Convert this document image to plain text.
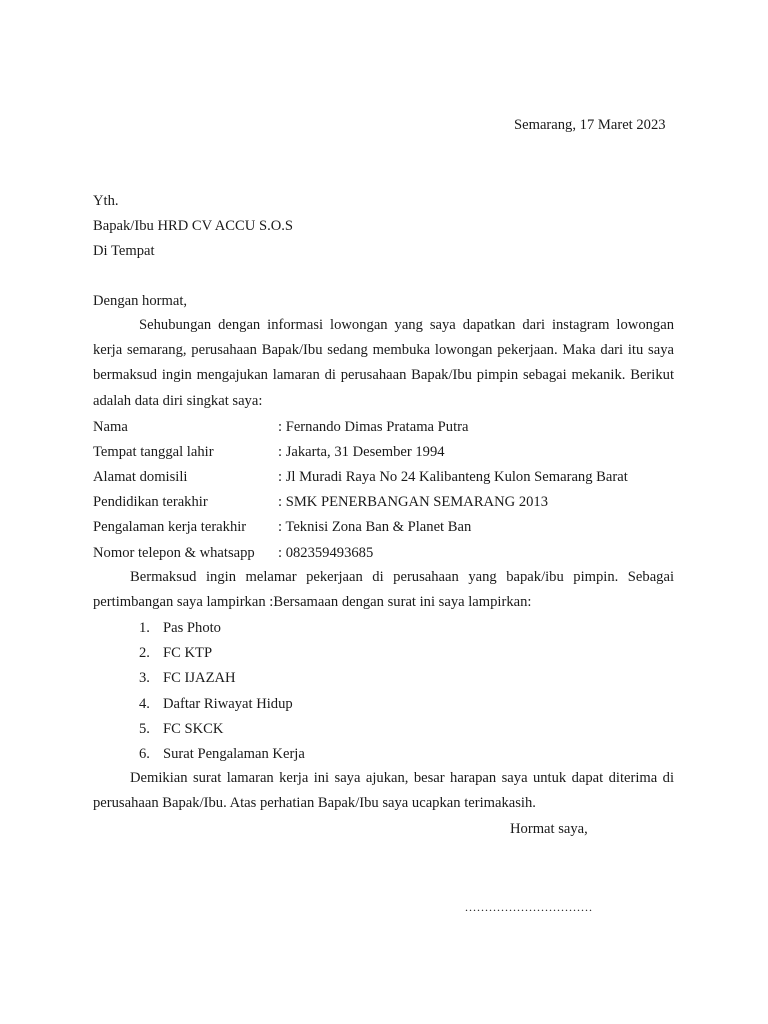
Semarang, 17 Maret 2023
Yth.
Bapak/Ibu HRD CV ACCU S.O.S
Di Tempat
Dengan hormat,
Sehubungan dengan informasi lowongan yang saya dapatkan dari instagram lowongan kerja semarang, perusahaan Bapak/Ibu sedang membuka lowongan pekerjaan. Maka dari itu saya bermaksud ingin mengajukan lamaran di perusahaan Bapak/Ibu pimpin sebagai mekanik. Berikut adalah data diri singkat saya:
Nama	: Fernando Dimas Pratama Putra
Tempat tanggal lahir	: Jakarta, 31 Desember 1994
Alamat domisili	: Jl Muradi Raya No 24 Kalibanteng Kulon Semarang Barat
Pendidikan terakhir	: SMK PENERBANGAN SEMARANG 2013
Pengalaman kerja terakhir : Teknisi Zona Ban & Planet Ban
Nomor telepon & whatsapp : 082359493685
Bermaksud ingin melamar pekerjaan di perusahaan yang bapak/ibu pimpin. Sebagai pertimbangan saya lampirkan :Bersamaan dengan surat ini saya lampirkan:
1. Pas Photo
2. FC KTP
3. FC IJAZAH
4. Daftar Riwayat Hidup
5. FC SKCK
6. Surat Pengalaman Kerja
Demikian surat lamaran kerja ini saya ajukan, besar harapan saya untuk dapat diterima di perusahaan Bapak/Ibu. Atas perhatian Bapak/Ibu saya ucapkan terimakasih.
Hormat saya,
................................
